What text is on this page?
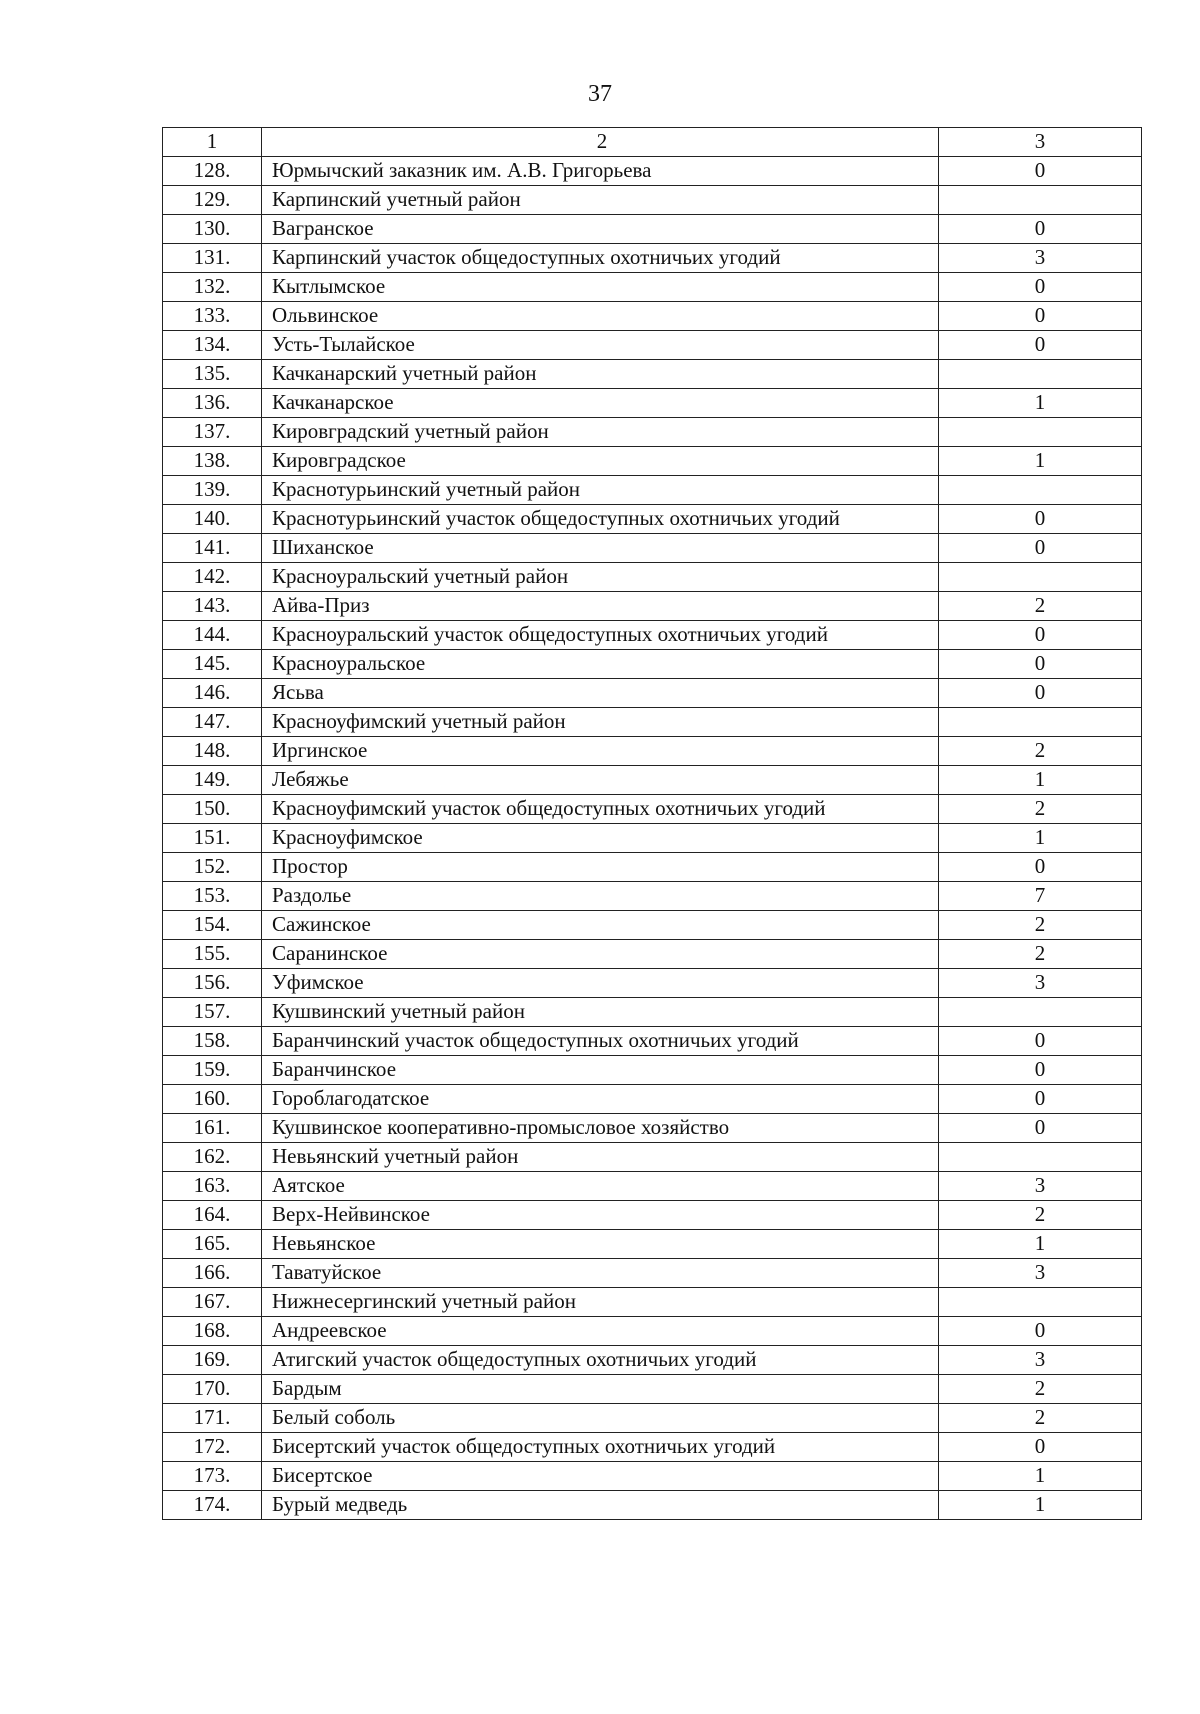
37
1	2	3
128.	Юрмычский заказник им. А.В. Григорьева	0
129.	Карпинский учетный район	
130.	Вагранское	0
131.	Карпинский участок общедоступных охотничьих угодий	3
132.	Кытлымское	0
133.	Ольвинское	0
134.	Усть-Тылайское	0
135.	Качканарский учетный район	
136.	Качканарское	1
137.	Кировградский учетный район	
138.	Кировградское	1
139.	Краснотурьинский учетный район	
140.	Краснотурьинский участок общедоступных охотничьих угодий	0
141.	Шиханское	0
142.	Красноуральский учетный район	
143.	Айва-Приз	2
144.	Красноуральский участок общедоступных охотничьих угодий	0
145.	Красноуральское	0
146.	Ясьва	0
147.	Красноуфимский учетный район	
148.	Иргинское	2
149.	Лебяжье	1
150.	Красноуфимский участок общедоступных охотничьих угодий	2
151.	Красноуфимское	1
152.	Простор	0
153.	Раздолье	7
154.	Сажинское	2
155.	Саранинское	2
156.	Уфимское	3
157.	Кушвинский учетный район	
158.	Баранчинский участок общедоступных охотничьих угодий	0
159.	Баранчинское	0
160.	Гороблагодатское	0
161.	Кушвинское кооперативно-промысловое хозяйство	0
162.	Невьянский учетный район	
163.	Аятское	3
164.	Верх-Нейвинское	2
165.	Невьянское	1
166.	Таватуйское	3
167.	Нижнесергинский учетный район	
168.	Андреевское	0
169.	Атигский участок общедоступных охотничьих угодий	3
170.	Бардым	2
171.	Белый соболь	2
172.	Бисертский участок общедоступных охотничьих угодий	0
173.	Бисертское	1
174.	Бурый медведь	1
